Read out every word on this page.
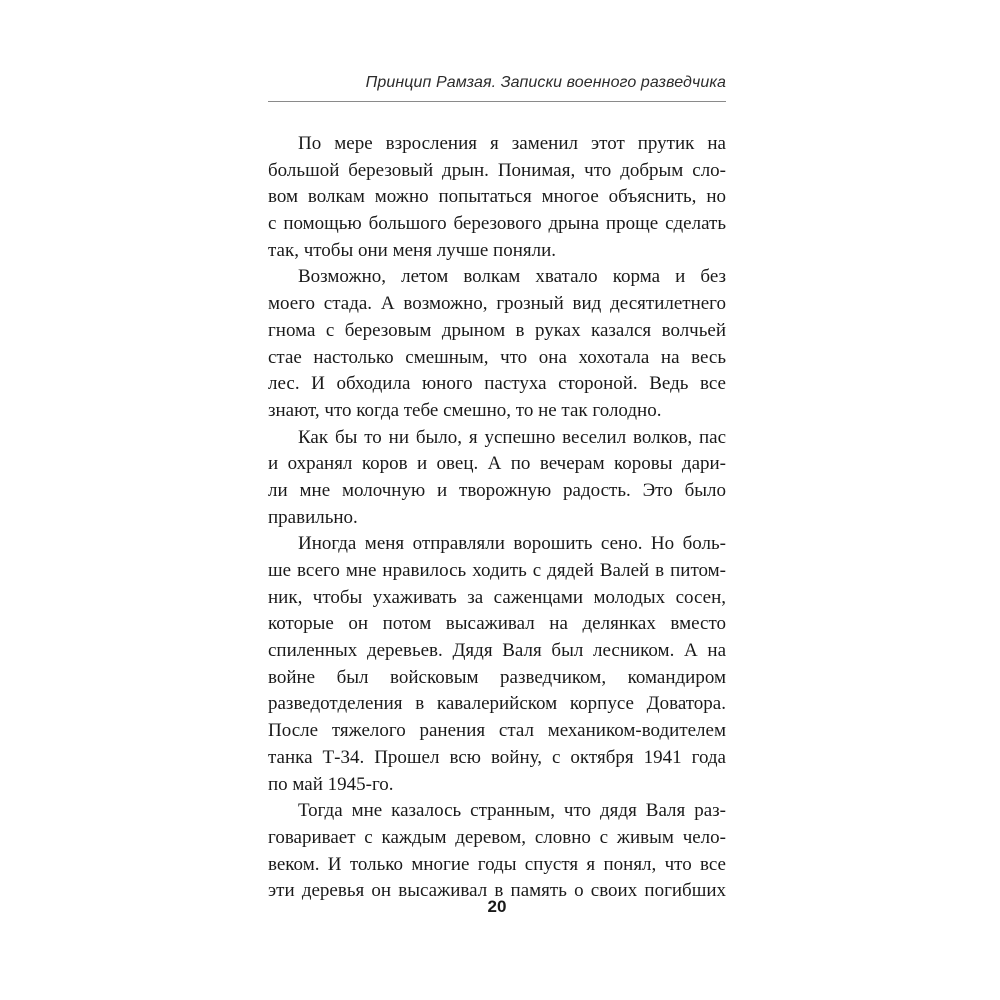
Принцип Рамзая. Записки военного разведчика
По мере взросления я заменил этот прутик на
большой березовый дрын. Понимая, что добрым сло-
вом волкам можно попытаться многое объяснить, но
с помощью большого березового дрына проще сделать
так, чтобы они меня лучше поняли.
Возможно, летом волкам хватало корма и без
моего стада. А возможно, грозный вид десятилетнего
гнома с березовым дрыном в руках казался волчьей
стае настолько смешным, что она хохотала на весь
лес. И обходила юного пастуха стороной. Ведь все
знают, что когда тебе смешно, то не так голодно.
Как бы то ни было, я успешно веселил волков, пас
и охранял коров и овец. А по вечерам коровы дари-
ли мне молочную и творожную радость. Это было
правильно.
Иногда меня отправляли ворошить сено. Но боль-
ше всего мне нравилось ходить с дядей Валей в питом-
ник, чтобы ухаживать за саженцами молодых сосен,
которые он потом высаживал на делянках вместо
спиленных деревьев. Дядя Валя был лесником. А на
войне был войсковым разведчиком, командиром
разведотделения в кавалерийском корпусе Доватора.
После тяжелого ранения стал механиком-водителем
танка Т-34. Прошел всю войну, с октября 1941 года
по май 1945-го.
Тогда мне казалось странным, что дядя Валя раз-
говаривает с каждым деревом, словно с живым чело-
веком. И только многие годы спустя я понял, что все
эти деревья он высаживал в память о своих погибших
20
